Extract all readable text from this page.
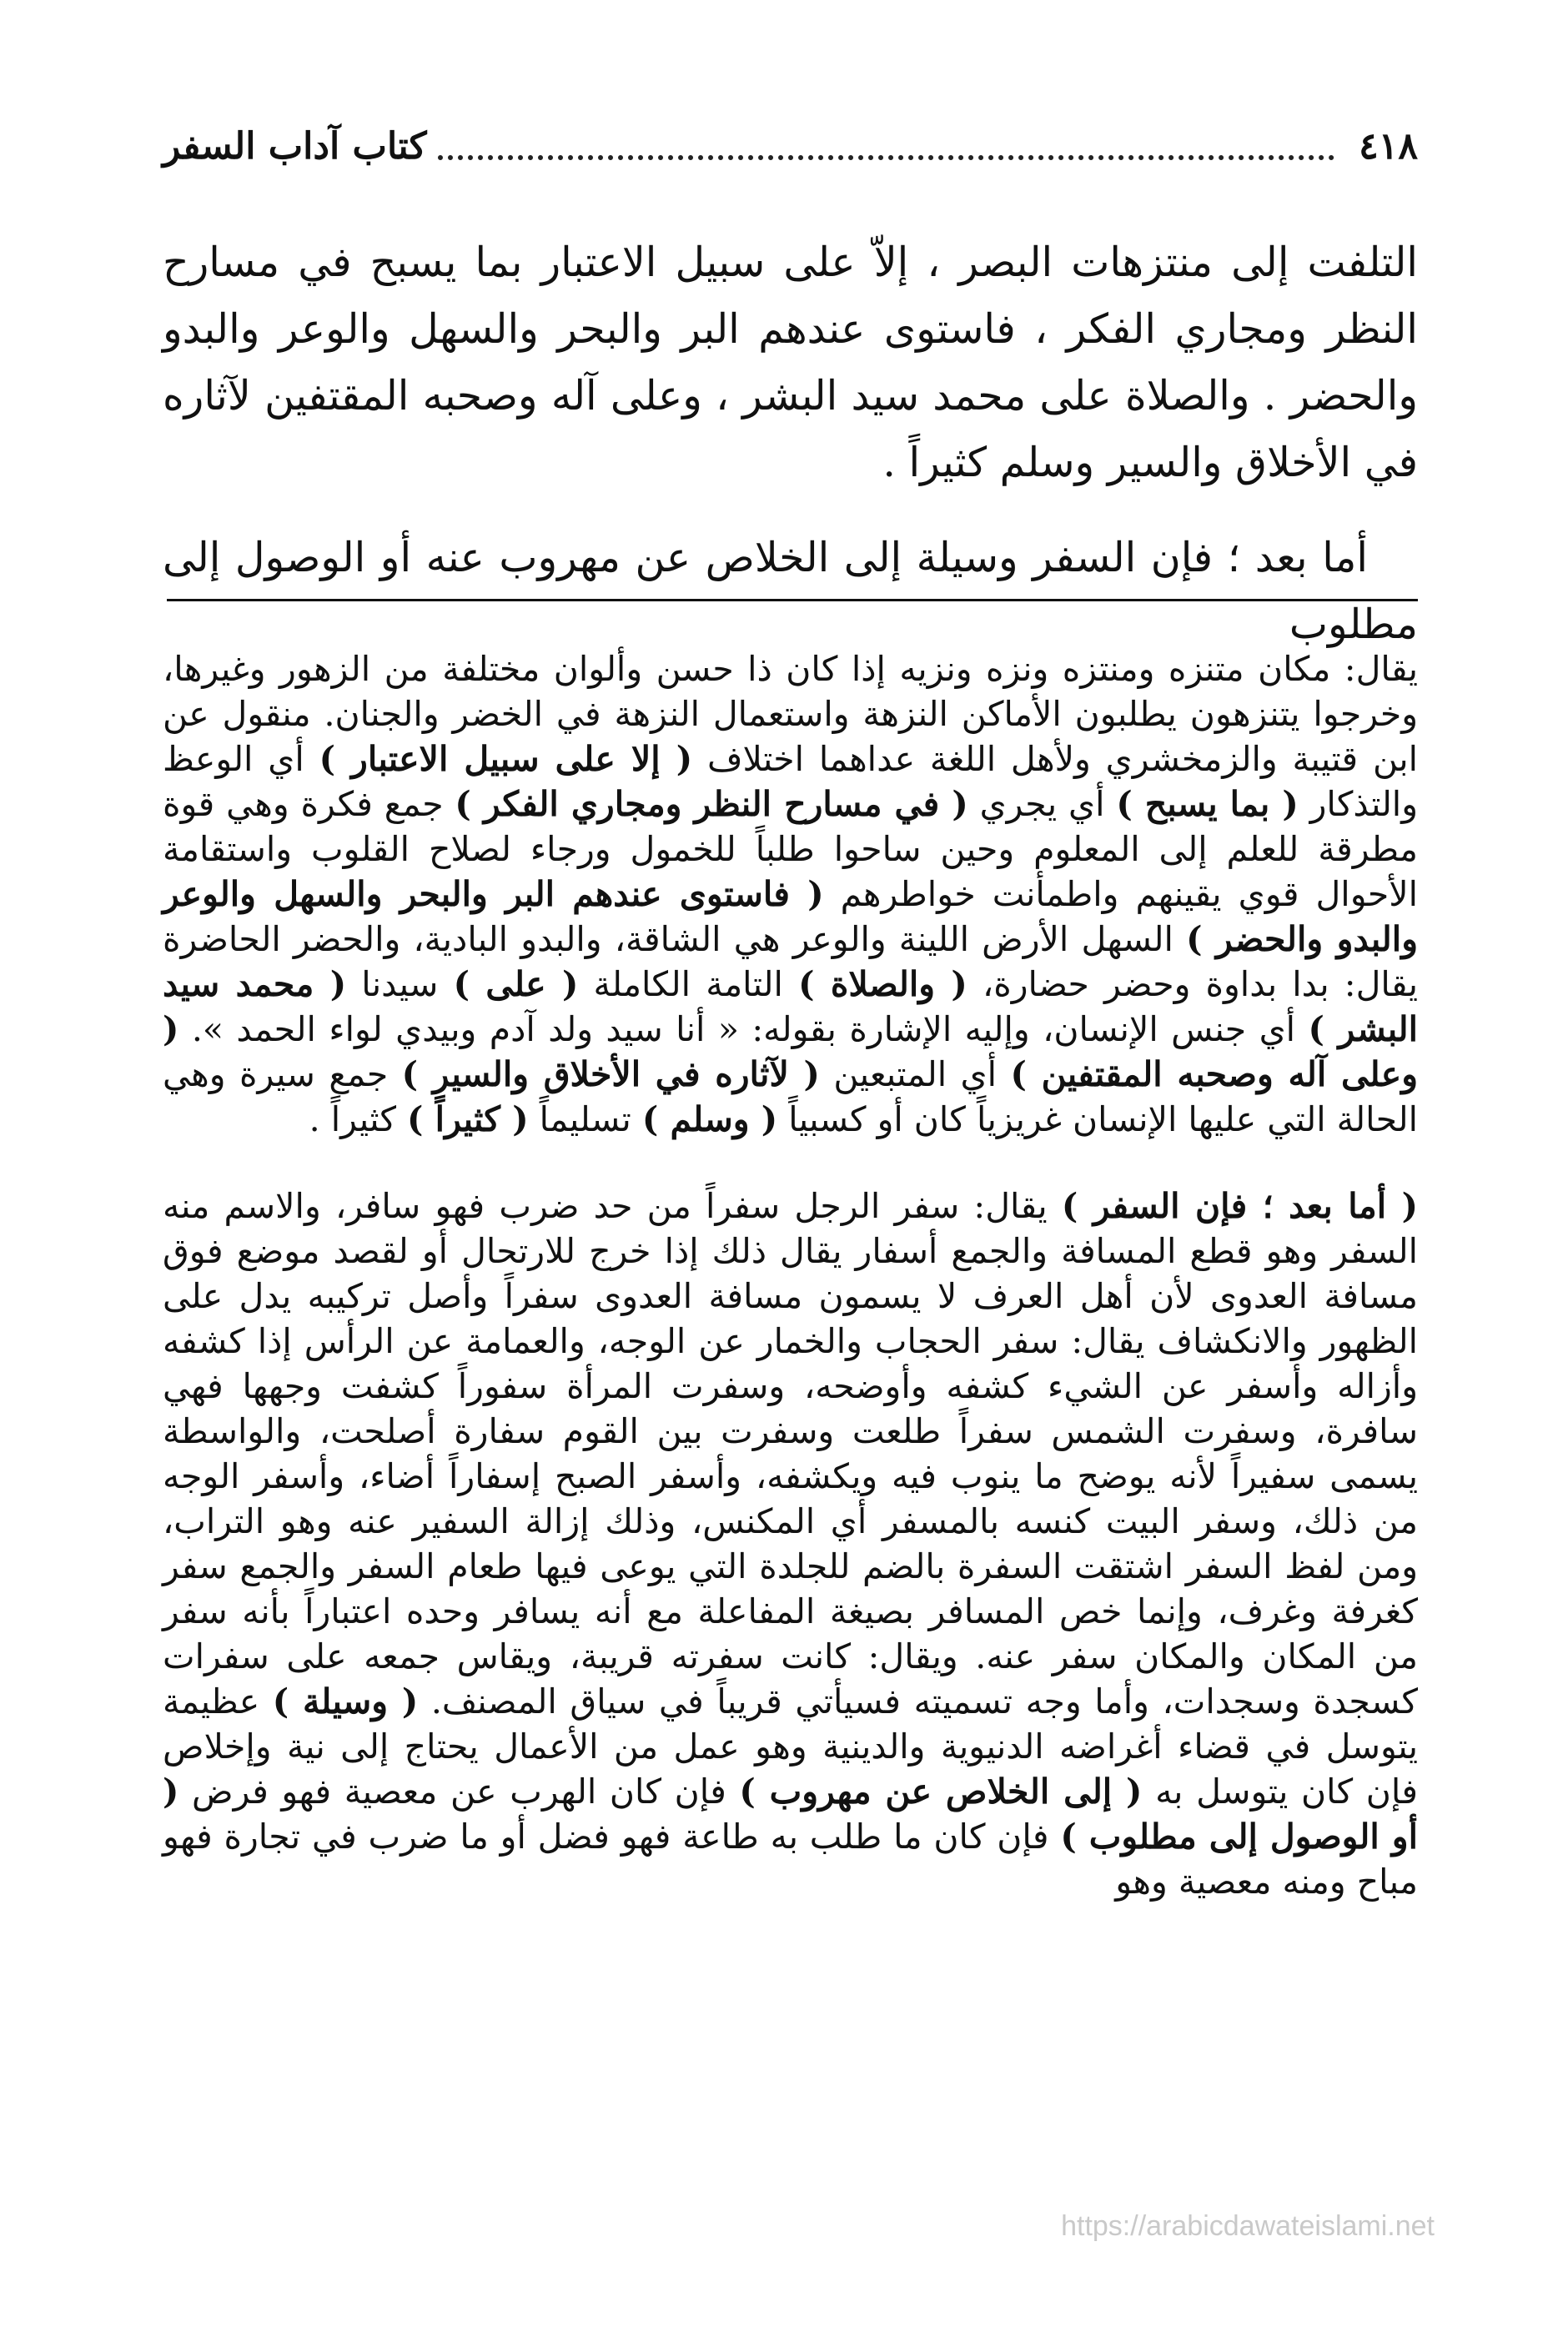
٤١٨
كتاب آداب السفر

التلفت إلى منتزهات البصر ، إلاّ على سبيل الاعتبار بما يسبح في مسارح النظر ومجاري الفكر ، فاستوى عندهم البر والبحر والسهل والوعر والبدو والحضر . والصلاة على محمد سيد البشر ، وعلى آله وصحبه المقتفين لآثاره في الأخلاق والسير وسلم كثيراً .

أما بعد ؛ فإن السفر وسيلة إلى الخلاص عن مهروب عنه أو الوصول إلى مطلوب

يقال: مكان متنزه ومنتزه ونزه ونزيه إذا كان ذا حسن وألوان مختلفة من الزهور وغيرها، وخرجوا يتنزهون يطلبون الأماكن النزهة واستعمال النزهة في الخضر والجنان. منقول عن ابن قتيبة والزمخشري ولأهل اللغة عداهما اختلاف ( إلا على سبيل الاعتبار ) أي الوعظ والتذكار ( بما يسبح ) أي يجري ( في مسارح النظر ومجاري الفكر ) جمع فكرة وهي قوة مطرقة للعلم إلى المعلوم وحين ساحوا طلباً للخمول ورجاء لصلاح القلوب واستقامة الأحوال قوي يقينهم واطمأنت خواطرهم ( فاستوى عندهم البر والبحر والسهل والوعر والبدو والحضر ) السهل الأرض اللينة والوعر هي الشاقة، والبدو البادية، والحضر الحاضرة يقال: بدا بداوة وحضر حضارة، ( والصلاة ) التامة الكاملة ( على ) سيدنا ( محمد سيد البشر ) أي جنس الإنسان، وإليه الإشارة بقوله: « أنا سيد ولد آدم وبيدي لواء الحمد ». ( وعلى آله وصحبه المقتفين ) أي المتبعين ( لآثاره في الأخلاق والسير ) جمع سيرة وهي الحالة التي عليها الإنسان غريزياً كان أو كسبياً ( وسلم ) تسليماً ( كثيراً ) كثيراً .

( أما بعد ؛ فإن السفر ) يقال: سفر الرجل سفراً من حد ضرب فهو سافر، والاسم منه السفر وهو قطع المسافة والجمع أسفار يقال ذلك إذا خرج للارتحال أو لقصد موضع فوق مسافة العدوى لأن أهل العرف لا يسمون مسافة العدوى سفراً وأصل تركيبه يدل على الظهور والانكشاف يقال: سفر الحجاب والخمار عن الوجه، والعمامة عن الرأس إذا كشفه وأزاله وأسفر عن الشيء كشفه وأوضحه، وسفرت المرأة سفوراً كشفت وجهها فهي سافرة، وسفرت الشمس سفراً طلعت وسفرت بين القوم سفارة أصلحت، والواسطة يسمى سفيراً لأنه يوضح ما ينوب فيه ويكشفه، وأسفر الصبح إسفاراً أضاء، وأسفر الوجه من ذلك، وسفر البيت كنسه بالمسفر أي المكنس، وذلك إزالة السفير عنه وهو التراب، ومن لفظ السفر اشتقت السفرة بالضم للجلدة التي يوعى فيها طعام السفر والجمع سفر كغرفة وغرف، وإنما خص المسافر بصيغة المفاعلة مع أنه يسافر وحده اعتباراً بأنه سفر من المكان والمكان سفر عنه. ويقال: كانت سفرته قريبة، ويقاس جمعه على سفرات كسجدة وسجدات، وأما وجه تسميته فسيأتي قريباً في سياق المصنف. ( وسيلة ) عظيمة يتوسل في قضاء أغراضه الدنيوية والدينية وهو عمل من الأعمال يحتاج إلى نية وإخلاص فإن كان يتوسل به ( إلى الخلاص عن مهروب ) فإن كان الهرب عن معصية فهو فرض ( أو الوصول إلى مطلوب ) فإن كان ما طلب به طاعة فهو فضل أو ما ضرب في تجارة فهو مباح ومنه معصية وهو

https://arabicdawateislami.net
